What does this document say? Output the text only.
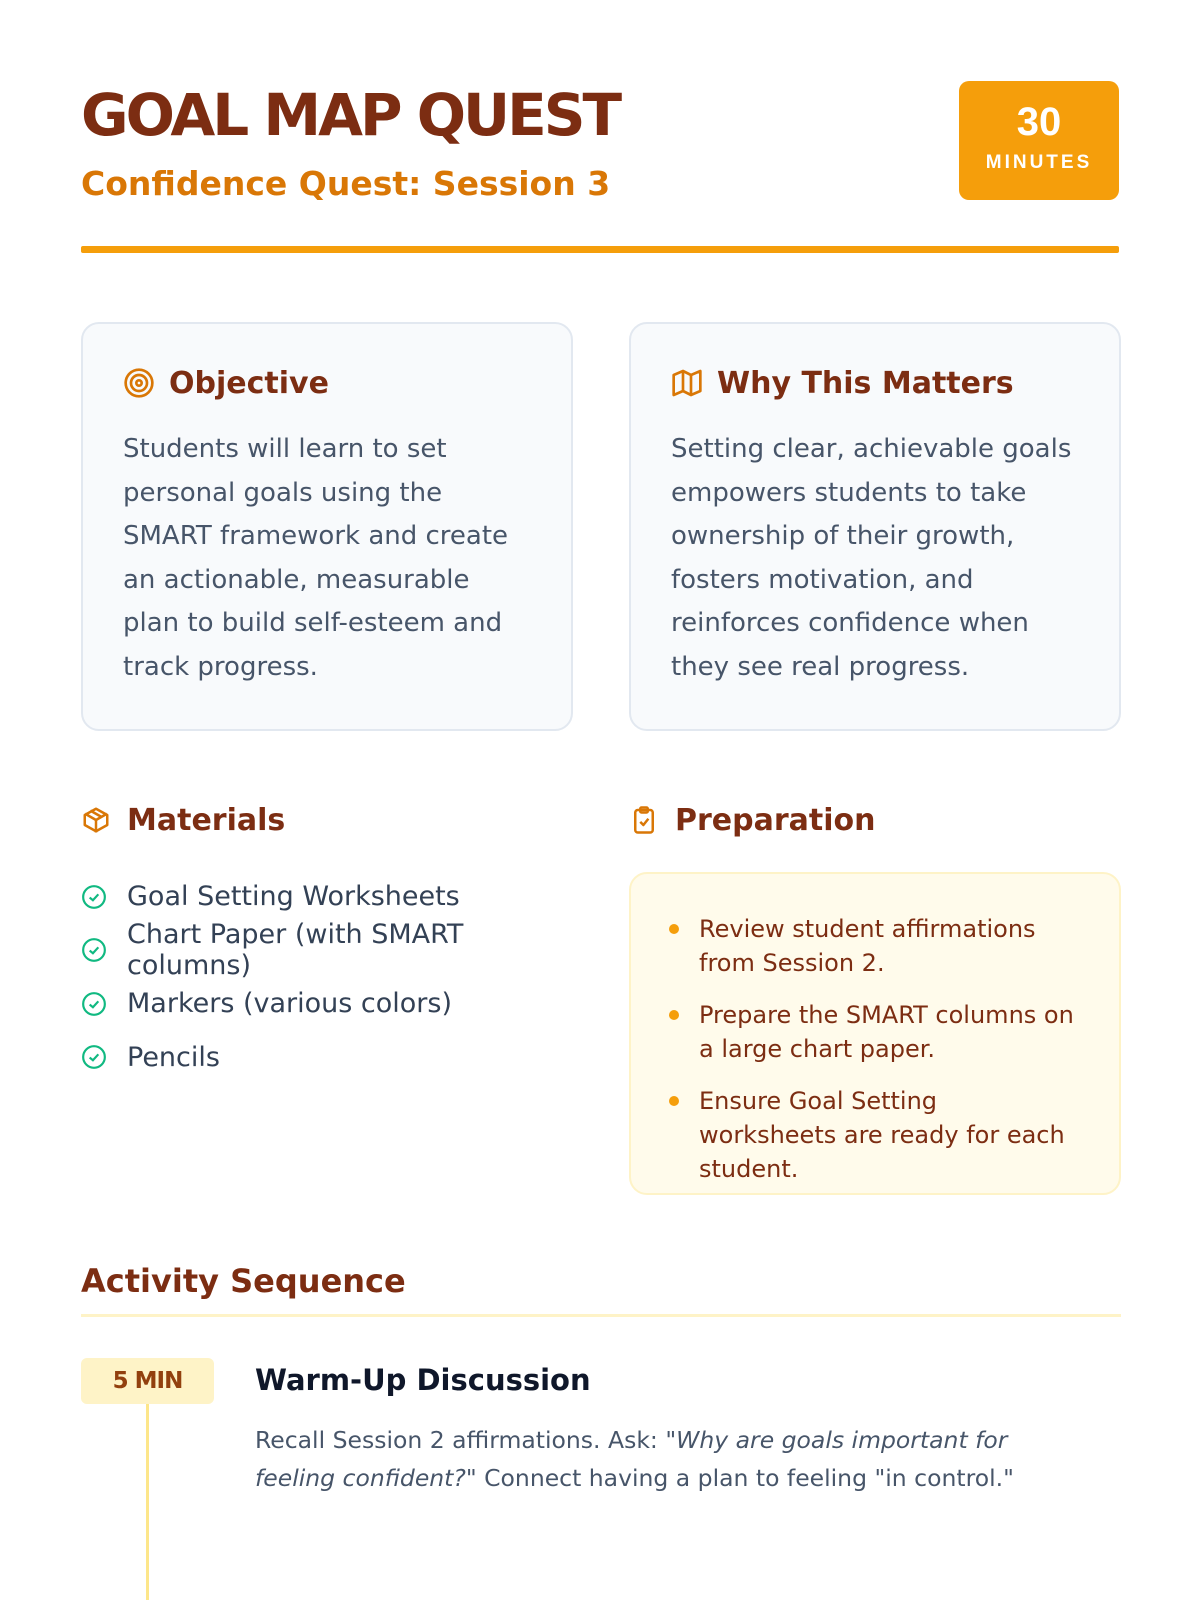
GOAL MAP QUEST
Confidence Quest: Session 3
30
MINUTES
Objective

Students will learn to set personal goals using the SMART framework and create an actionable, measurable plan to build self-esteem and track progress.

Why This Matters

Setting clear, achievable goals empowers students to take ownership of their growth, fosters motivation, and reinforces confidence when they see real progress.

Materials
Goal Setting Worksheets
Chart Paper (with SMART columns)
Markers (various colors)
Pencils
Preparation
Review student affirmations from Session 2.
Prepare the SMART columns on a large chart paper.
Ensure Goal Setting worksheets are ready for each student.
Activity Sequence
5 MIN	Warm-Up Discussion

Recall Session 2 affirmations. Ask: "Why are goals important for feeling confident?" Connect having a plan to feeling "in control."
